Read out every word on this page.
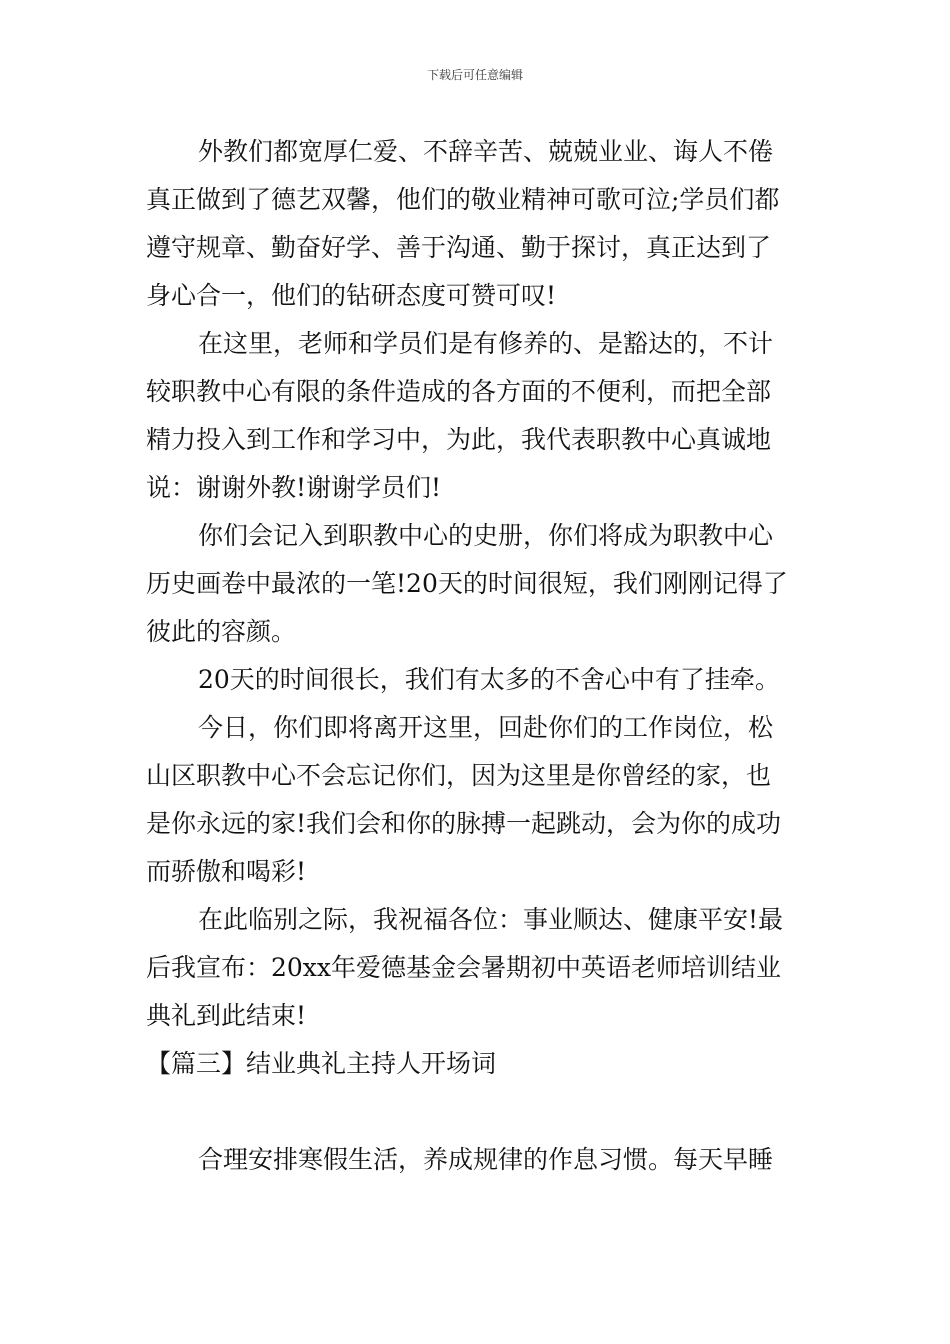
下载后可任意编辑
外教们都宽厚仁爱、不辞辛苦、兢兢业业、诲人不倦
真正做到了德艺双馨，他们的敬业精神可歌可泣;学员们都
遵守规章、勤奋好学、善于沟通、勤于探讨，真正达到了
身心合一，他们的钻研态度可赞可叹!
在这里，老师和学员们是有修养的、是豁达的，不计
较职教中心有限的条件造成的各方面的不便利，而把全部
精力投入到工作和学习中，为此，我代表职教中心真诚地
说：谢谢外教!谢谢学员们!
你们会记入到职教中心的史册，你们将成为职教中心
历史画卷中最浓的一笔!20天的时间很短，我们刚刚记得了
彼此的容颜。
20天的时间很长，我们有太多的不舍心中有了挂牵。
今日，你们即将离开这里，回赴你们的工作岗位，松
山区职教中心不会忘记你们，因为这里是你曾经的家，也
是你永远的家!我们会和你的脉搏一起跳动，会为你的成功
而骄傲和喝彩!
在此临别之际，我祝福各位：事业顺达、健康平安!最
后我宣布：20xx年爱德基金会暑期初中英语老师培训结业
典礼到此结束!
【篇三】结业典礼主持人开场词
合理安排寒假生活，养成规律的作息习惯。每天早睡
